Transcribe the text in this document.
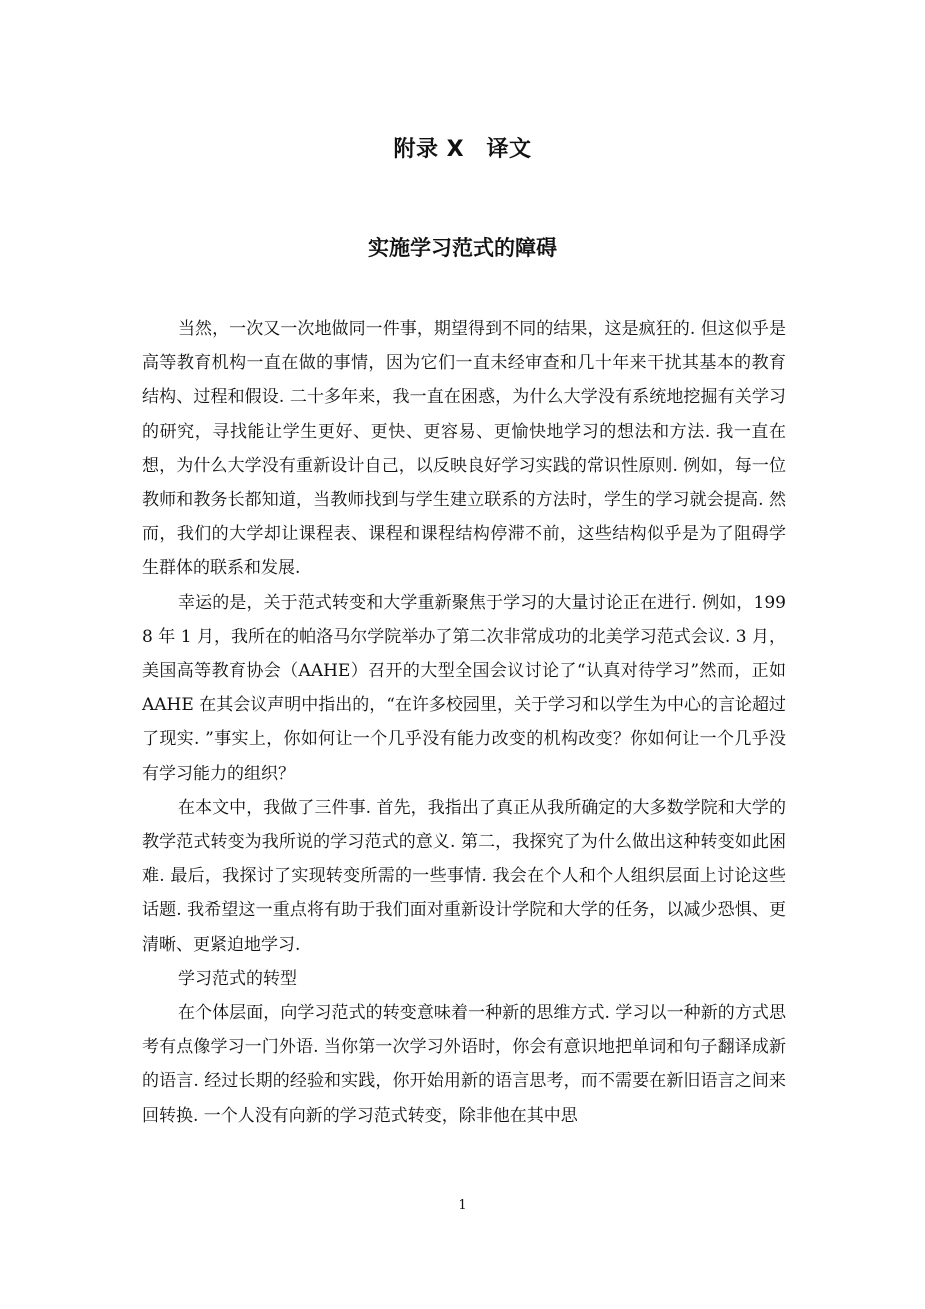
附录 X　译文
实施学习范式的障碍

当然，一次又一次地做同一件事，期望得到不同的结果，这是疯狂的. 但这似乎是高等教育机构一直在做的事情，因为它们一直未经审查和几十年来干扰其基本的教育结构、过程和假设. 二十多年来，我一直在困惑，为什么大学没有系统地挖掘有关学习的研究，寻找能让学生更好、更快、更容易、更愉快地学习的想法和方法. 我一直在想，为什么大学没有重新设计自己，以反映良好学习实践的常识性原则. 例如，每一位教师和教务长都知道，当教师找到与学生建立联系的方法时，学生的学习就会提高. 然而，我们的大学却让课程表、课程和课程结构停滞不前，这些结构似乎是为了阻碍学生群体的联系和发展.

幸运的是，关于范式转变和大学重新聚焦于学习的大量讨论正在进行. 例如，1998 年 1 月，我所在的帕洛马尔学院举办了第二次非常成功的北美学习范式会议. 3 月，美国高等教育协会（AAHE）召开的大型全国会议讨论了“认真对待学习”然而，正如 AAHE 在其会议声明中指出的，“在许多校园里，关于学习和以学生为中心的言论超过了现实. ”事实上，你如何让一个几乎没有能力改变的机构改变？你如何让一个几乎没有学习能力的组织？

在本文中，我做了三件事. 首先，我指出了真正从我所确定的大多数学院和大学的教学范式转变为我所说的学习范式的意义. 第二，我探究了为什么做出这种转变如此困难. 最后，我探讨了实现转变所需的一些事情. 我会在个人和个人组织层面上讨论这些话题. 我希望这一重点将有助于我们面对重新设计学院和大学的任务，以减少恐惧、更清晰、更紧迫地学习.

学习范式的转型

在个体层面，向学习范式的转变意味着一种新的思维方式. 学习以一种新的方式思考有点像学习一门外语. 当你第一次学习外语时，你会有意识地把单词和句子翻译成新的语言. 经过长期的经验和实践，你开始用新的语言思考，而不需要在新旧语言之间来回转换. 一个人没有向新的学习范式转变，除非他在其中思

1
